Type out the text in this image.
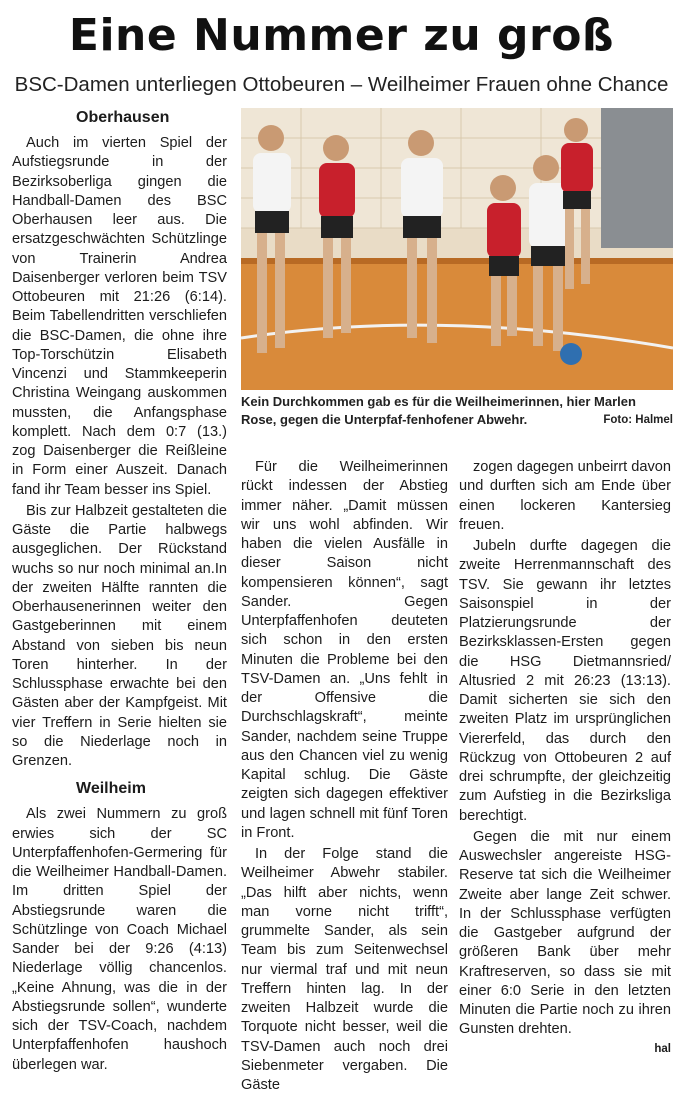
Eine Nummer zu groß
BSC-Damen unterliegen Ottobeuren – Weilheimer Frauen ohne Chance
Oberhausen

Auch im vierten Spiel der Aufstiegsrunde in der Bezirksoberliga gingen die Handball-Damen des BSC Oberhausen leer aus. Die ersatzgeschwächten Schützlinge von Trainerin Andrea Daisenberger verloren beim TSV Ottobeuren mit 21:26 (6:14). Beim Tabellendritten verschliefen die BSC-Damen, die ohne ihre Top-Torschützin Elisabeth Vincenzi und Stammkeeperin Christina Weingang auskommen mussten, die Anfangsphase komplett. Nach dem 0:7 (13.) zog Daisenberger die Reißleine in Form einer Auszeit. Danach fand ihr Team besser ins Spiel.

Bis zur Halbzeit gestalteten die Gäste die Partie halbwegs ausgeglichen. Der Rückstand wuchs so nur noch minimal an.In der zweiten Hälfte rannten die Oberhausenerinnen weiter den Gastgeberinnen mit einem Abstand von sieben bis neun Toren hinterher. In der Schlussphase erwachte bei den Gästen aber der Kampfgeist. Mit vier Treffern in Serie hielten sie so die Niederlage noch in Grenzen.

Weilheim

Als zwei Nummern zu groß erwies sich der SC Unterpfaffenhofen-Germering für die Weilheimer Handball-Damen. Im dritten Spiel der Abstiegsrunde waren die Schützlinge von Coach Michael Sander bei der 9:26 (4:13) Niederlage völlig chancenlos. „Keine Ahnung, was die in der Abstiegsrunde sollen“, wunderte sich der TSV-Coach, nachdem Unterpfaffenhofen haushoch überlegen war.

Kein Durchkommen gab es für die Weilheimerinnen, hier Marlen Rose, gegen die Unterpfaf-fenhofener Abwehr.	Foto: Halmel

Für die Weilheimerinnen rückt indessen der Abstieg immer näher. „Damit müssen wir uns wohl abfinden. Wir haben die vielen Ausfälle in dieser Saison nicht kompensieren können“, sagt Sander. Gegen Unterpfaffenhofen deuteten sich schon in den ersten Minuten die Probleme bei den TSV-Damen an. „Uns fehlt in der Offensive die Durchschlagskraft“, meinte Sander, nachdem seine Truppe aus den Chancen viel zu wenig Kapital schlug. Die Gäste zeigten sich dagegen effektiver und lagen schnell mit fünf Toren in Front.

In der Folge stand die Weilheimer Abwehr stabiler. „Das hilft aber nichts, wenn man vorne nicht trifft“, grummelte Sander, als sein Team bis zum Seitenwechsel nur viermal traf und mit neun Treffern hinten lag. In der zweiten Halbzeit wurde die Torquote nicht besser, weil die TSV-Damen auch noch drei Siebenmeter vergaben. Die Gäste

zogen dagegen unbeirrt davon und durften sich am Ende über einen lockeren Kantersieg freuen.

Jubeln durfte dagegen die zweite Herrenmannschaft des TSV. Sie gewann ihr letztes Saisonspiel in der Platzierungsrunde der Bezirksklassen-Ersten gegen die HSG Dietmannsried/ Altusried 2 mit 26:23 (13:13). Damit sicherten sie sich den zweiten Platz im ursprünglichen Viererfeld, das durch den Rückzug von Ottobeuren 2 auf drei schrumpfte, der gleichzeitig zum Aufstieg in die Bezirksliga berechtigt.

Gegen die mit nur einem Auswechsler angereiste HSG-Reserve tat sich die Weilheimer Zweite aber lange Zeit schwer. In der Schlussphase verfügten die Gastgeber aufgrund der größeren Bank über mehr Kraftreserven, so dass sie mit einer 6:0 Serie in den letzten Minuten die Partie noch zu ihren Gunsten drehten.

hal
